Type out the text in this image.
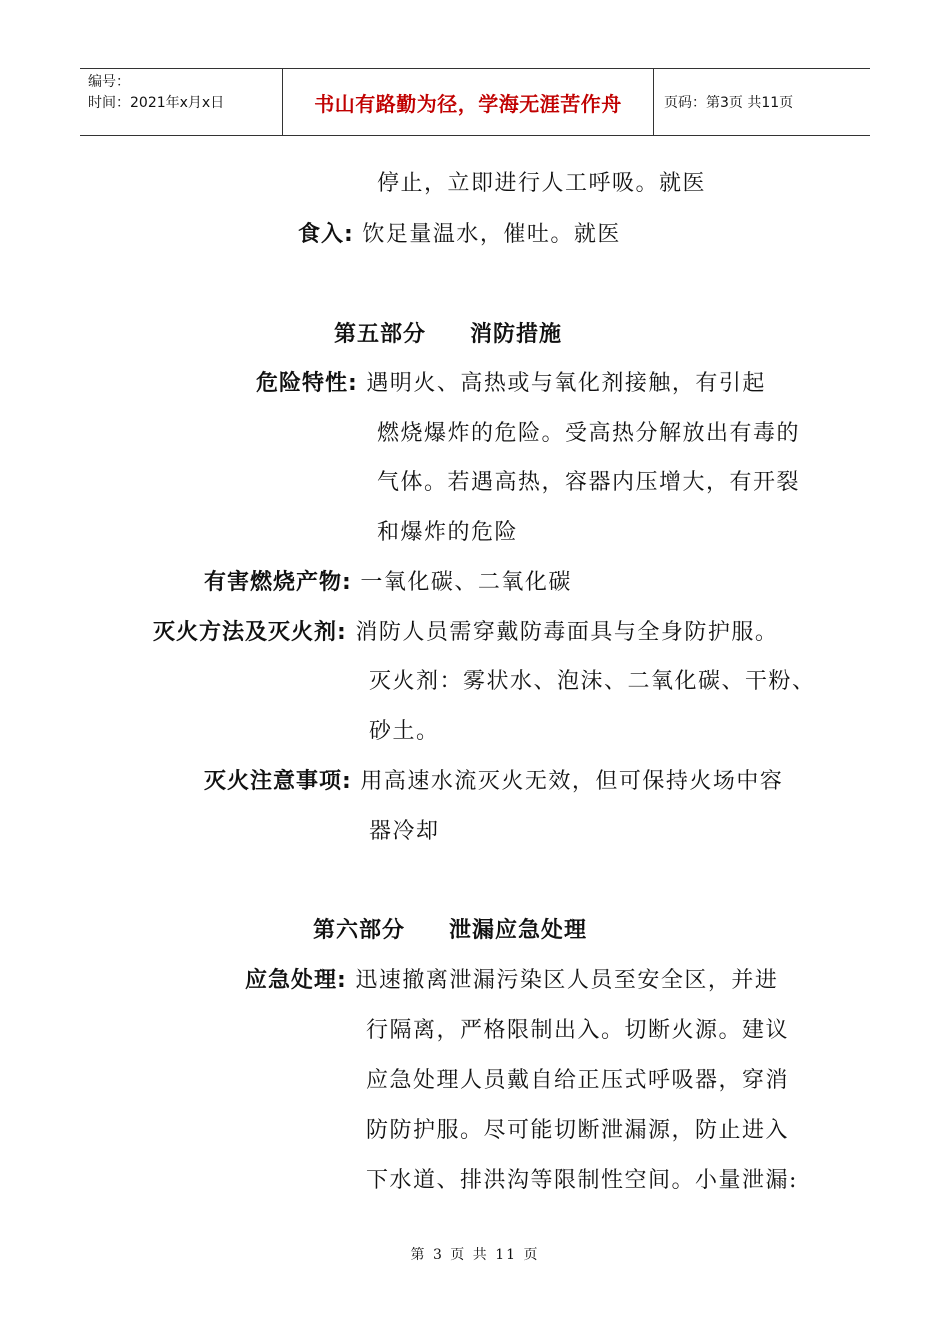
编号：
时间：2021年x月x日	书山有路勤为径，学海无涯苦作舟	页码：第3页 共11页
停止，立即进行人工呼吸。就医
食入: 饮足量温水，催吐。就医
第五部分 消防措施
危险特性: 遇明火、高热或与氧化剂接触，有引起
燃烧爆炸的危险。受高热分解放出有毒的
气体。若遇高热，容器内压增大，有开裂
和爆炸的危险
有害燃烧产物: 一氧化碳、二氧化碳
灭火方法及灭火剂: 消防人员需穿戴防毒面具与全身防护服。
灭火剂：雾状水、泡沫、二氧化碳、干粉、
砂土。
灭火注意事项: 用高速水流灭火无效，但可保持火场中容
器冷却
第六部分 泄漏应急处理
应急处理: 迅速撤离泄漏污染区人员至安全区，并进
行隔离，严格限制出入。切断火源。建议
应急处理人员戴自给正压式呼吸器，穿消
防防护服。尽可能切断泄漏源，防止进入
下水道、排洪沟等限制性空间。小量泄漏:
第 3 页 共 11 页
